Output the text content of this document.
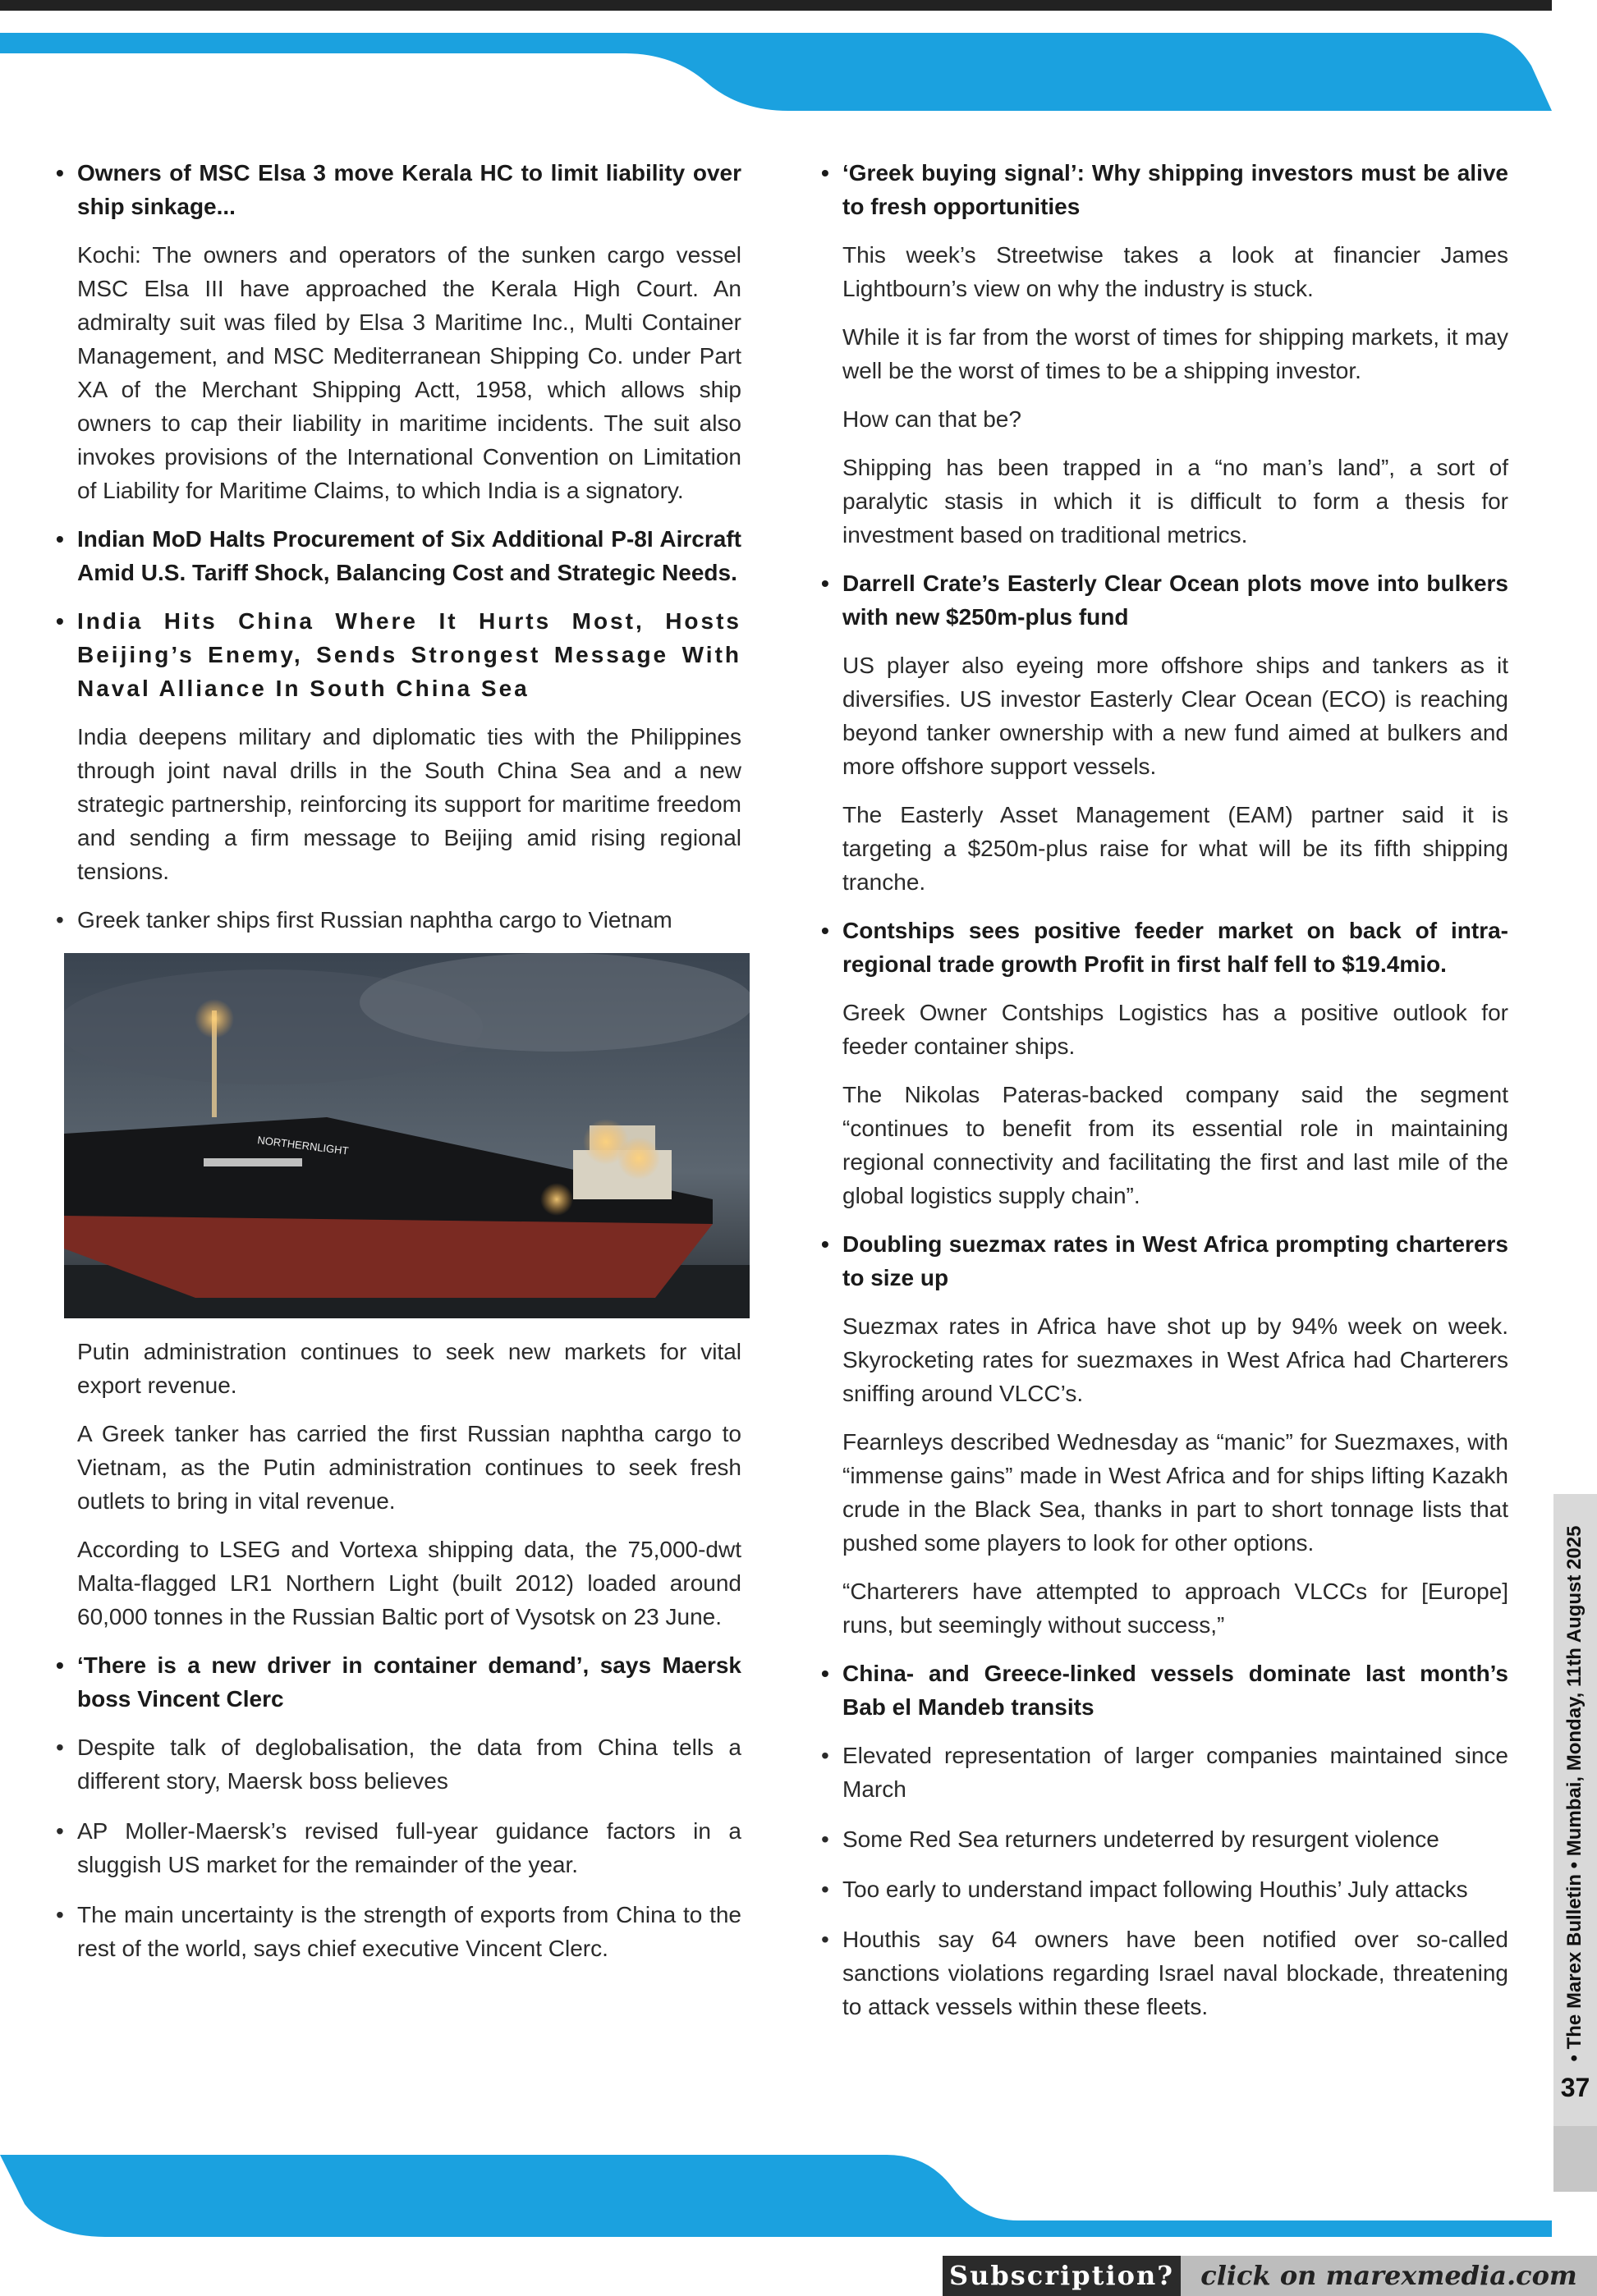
• Owners of MSC Elsa 3 move Kerala HC to limit liability over ship sinkage...

Kochi: The owners and operators of the sunken cargo vessel MSC Elsa III have approached the Kerala High Court. An admiralty suit was filed by Elsa 3 Maritime Inc., Multi Container Management, and MSC Mediterranean Shipping Co. under Part XA of the Merchant Shipping Actt, 1958, which allows ship owners to cap their liability in maritime incidents. The suit also invokes provisions of the International Convention on Limitation of Liability for Maritime Claims, to which India is a signatory.

• Indian MoD Halts Procurement of Six Additional P-8I Aircraft Amid U.S. Tariff Shock, Balancing Cost and Strategic Needs.
• India Hits China Where It Hurts Most, Hosts Beijing’s Enemy, Sends Strongest Message With Naval Alliance In South China Sea

India deepens military and diplomatic ties with the Philippines through joint naval drills in the South China Sea and a new strategic partnership, reinforcing its support for maritime freedom and sending a firm message to Beijing amid rising regional tensions.

• Greek tanker ships first Russian naphtha cargo to Vietnam
NORTHERNLIGHT

Putin administration continues to seek new markets for vital export revenue.

A Greek tanker has carried the first Russian naphtha cargo to Vietnam, as the Putin administration continues to seek fresh outlets to bring in vital revenue.

According to LSEG and Vortexa shipping data, the 75,000-dwt Malta-flagged LR1 Northern Light (built 2012) loaded around 60,000 tonnes in the Russian Baltic port of Vysotsk on 23 June.

• ‘There is a new driver in container demand’, says Maersk boss Vincent Clerc
• Despite talk of deglobalisation, the data from China tells a different story, Maersk boss believes
• AP Moller-Maersk’s revised full-year guidance factors in a sluggish US market for the remainder of the year.
• The main uncertainty is the strength of exports from China to the rest of the world, says chief executive Vincent Clerc.
• ‘Greek buying signal’: Why shipping investors must be alive to fresh opportunities

This week’s Streetwise takes a look at financier James Lightbourn’s view on why the industry is stuck.

While it is far from the worst of times for shipping markets, it may well be the worst of times to be a shipping investor.

How can that be?

Shipping has been trapped in a “no man’s land”, a sort of paralytic stasis in which it is difficult to form a thesis for investment based on traditional metrics.

• Darrell Crate’s Easterly Clear Ocean plots move into bulkers with new $250m-plus fund

US player also eyeing more offshore ships and tankers as it diversifies. US investor Easterly Clear Ocean (ECO) is reaching beyond tanker ownership with a new fund aimed at bulkers and more offshore support vessels.

The Easterly Asset Management (EAM) partner said it is targeting a $250m-plus raise for what will be its fifth shipping tranche.

• Contships sees positive feeder market on back of intra-regional trade growth Profit in first half fell to $19.4mio.

Greek Owner Contships Logistics has a positive outlook for feeder container ships.

The Nikolas Pateras-backed company said the segment “continues to benefit from its essential role in maintaining regional connectivity and facilitating the first and last mile of the global logistics supply chain”.

• Doubling suezmax rates in West Africa prompting charterers to size up

Suezmax rates in Africa have shot up by 94% week on week. Skyrocketing rates for suezmaxes in West Africa had Charterers sniffing around VLCC’s.

Fearnleys described Wednesday as “manic” for Suezmaxes, with “immense gains” made in West Africa and for ships lifting Kazakh crude in the Black Sea, thanks in part to short tonnage lists that pushed some players to look for other options.

“Charterers have attempted to approach VLCCs for [Europe] runs, but seemingly without success,”

• China- and Greece-linked vessels dominate last month’s Bab el Mandeb transits
• Elevated representation of larger companies maintained since March
• Some Red Sea returners undeterred by resurgent violence
• Too early to understand impact following Houthis’ July attacks
• Houthis say 64 owners have been notified over so-called sanctions violations regarding Israel naval blockade, threatening to attack vessels within these fleets.	• The Marex Bulletin • Mumbai, Monday, 11th August 2025
37
Subscription?	click on marexmedia.com
